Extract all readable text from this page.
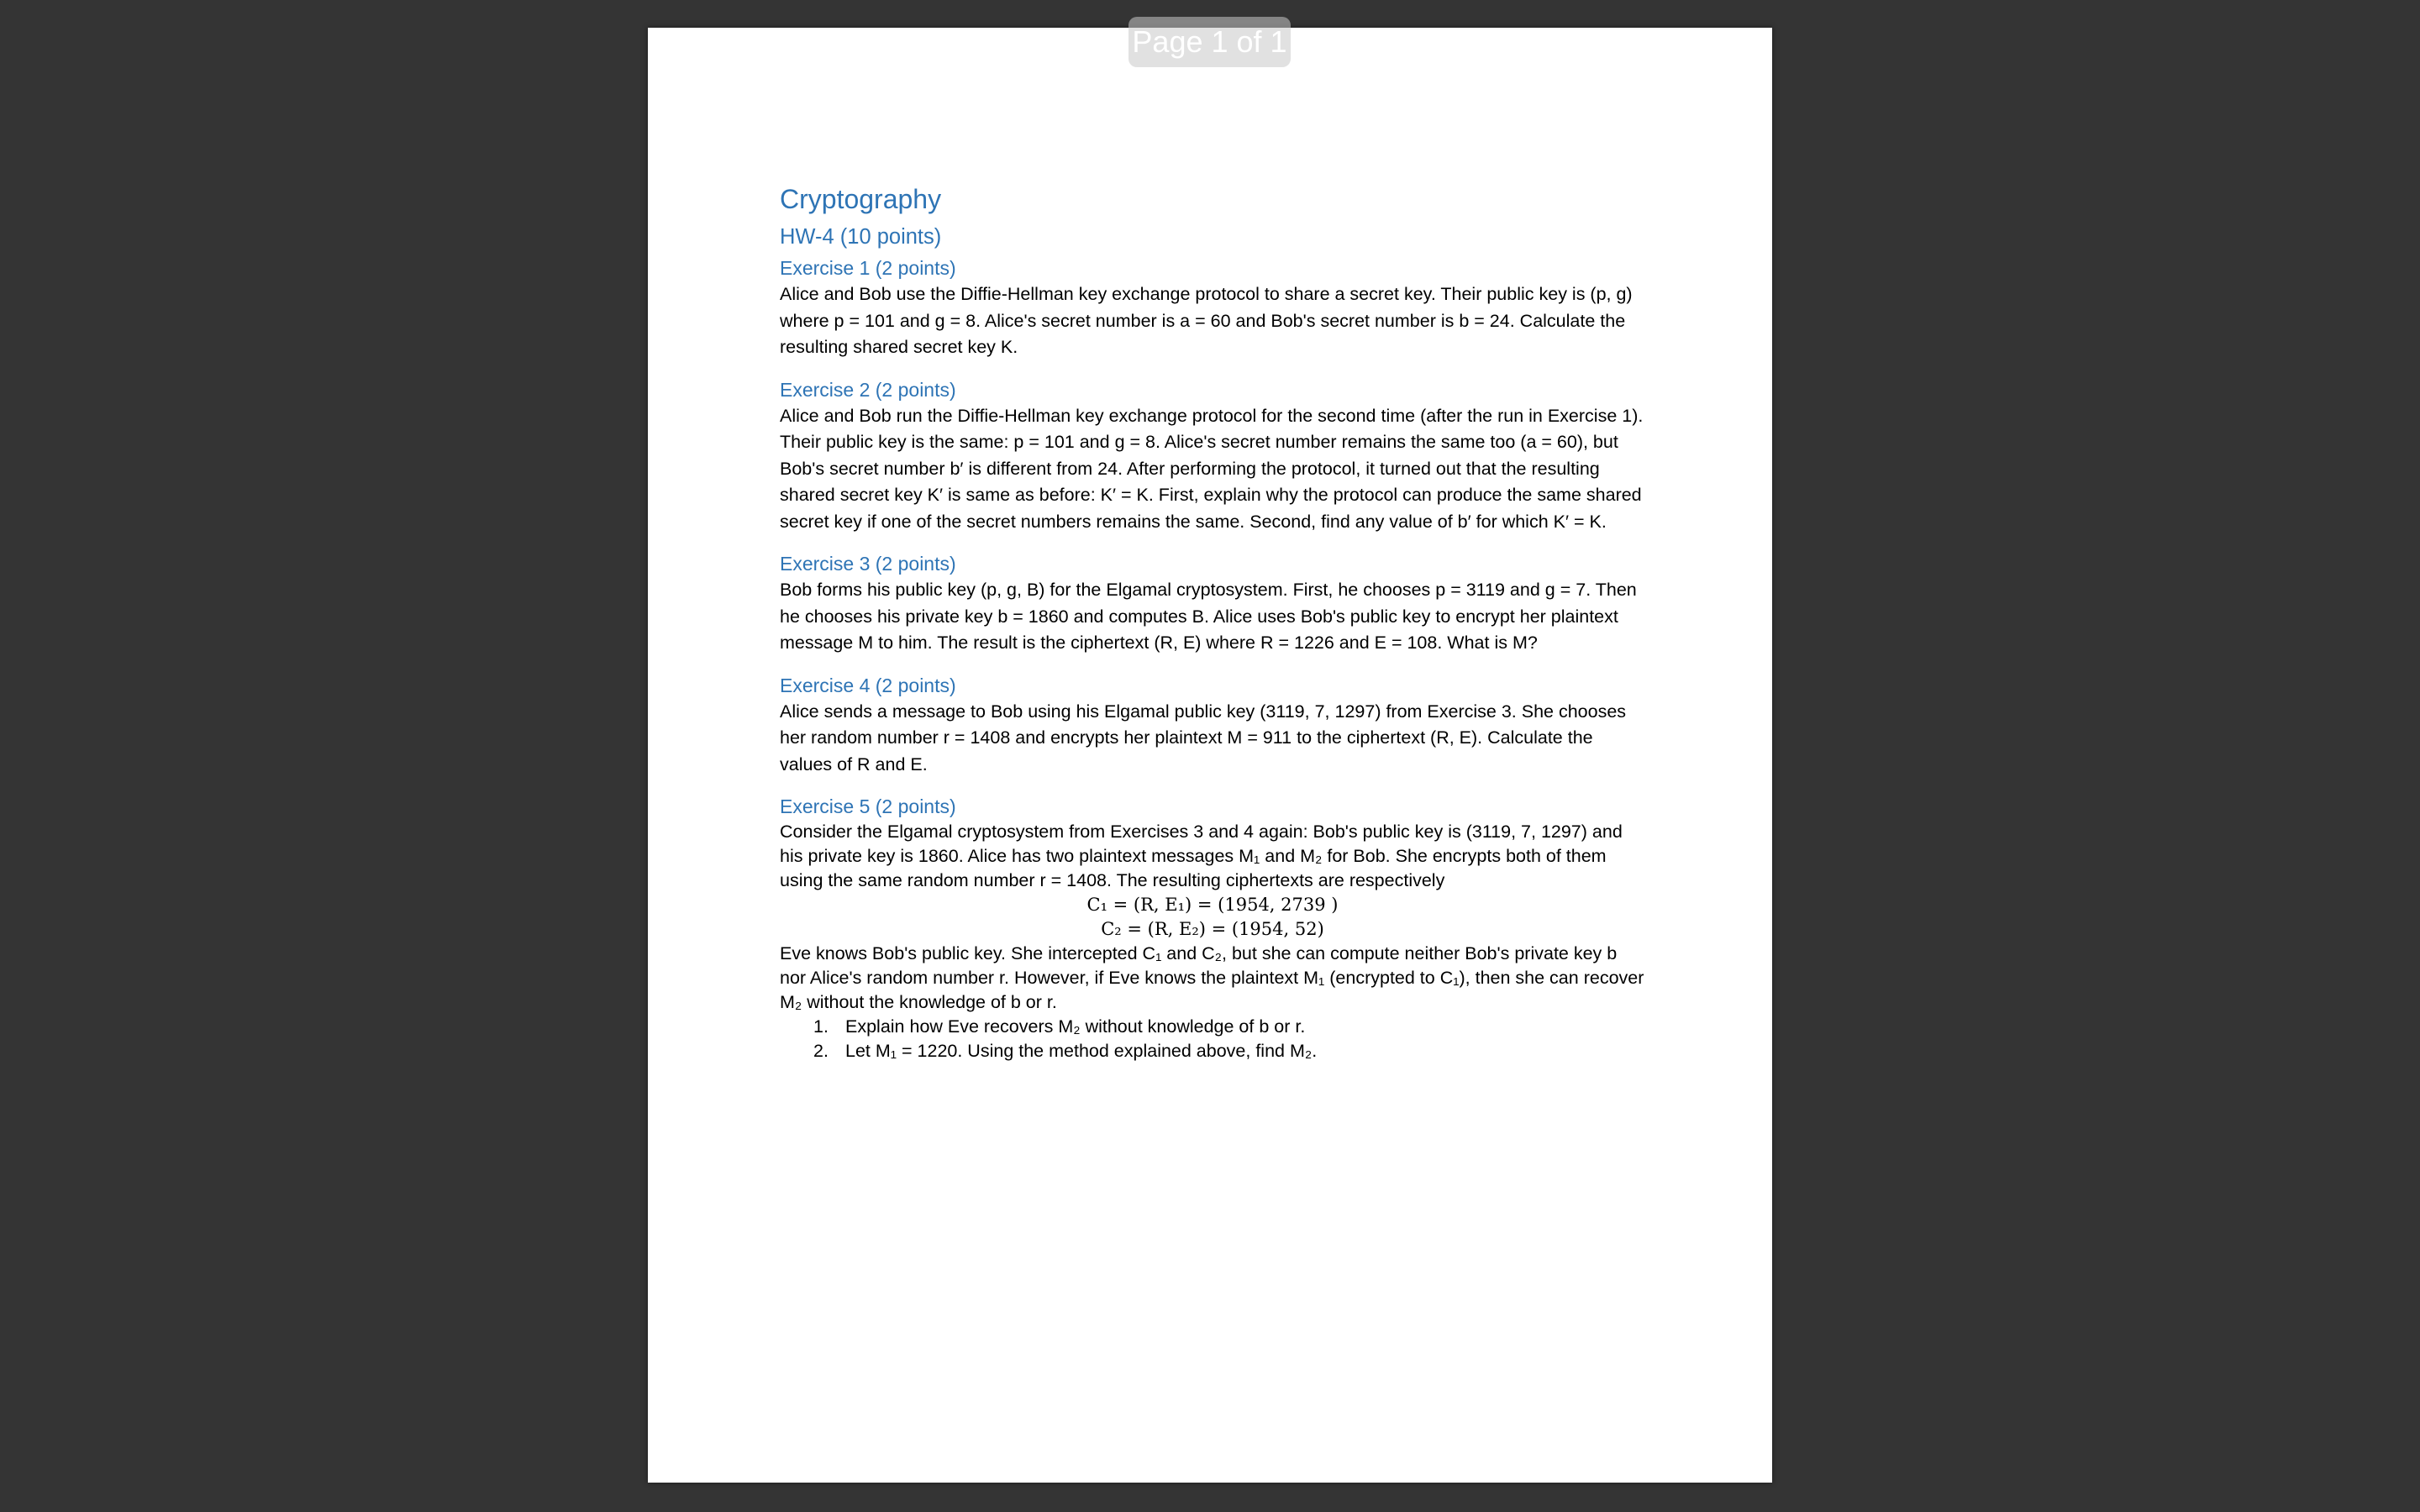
Page 1 of 1
Cryptography
HW-4 (10 points)
Exercise 1 (2 points)

Alice and Bob use the Diffie-Hellman key exchange protocol to share a secret key. Their public key is (p, g) where p = 101 and g = 8. Alice's secret number is a = 60 and Bob's secret number is b = 24. Calculate the resulting shared secret key K.

Exercise 2 (2 points)

Alice and Bob run the Diffie-Hellman key exchange protocol for the second time (after the run in Exercise 1). Their public key is the same: p = 101 and g = 8. Alice's secret number remains the same too (a = 60), but Bob's secret number b′ is different from 24. After performing the protocol, it turned out that the resulting shared secret key K′ is same as before: K′ = K. First, explain why the protocol can produce the same shared secret key if one of the secret numbers remains the same. Second, find any value of b′ for which K′ = K.

Exercise 3 (2 points)

Bob forms his public key (p, g, B) for the Elgamal cryptosystem. First, he chooses p = 3119 and g = 7. Then he chooses his private key b = 1860 and computes B. Alice uses Bob's public key to encrypt her plaintext message M to him. The result is the ciphertext (R, E) where R = 1226 and E = 108. What is M?

Exercise 4 (2 points)

Alice sends a message to Bob using his Elgamal public key (3119, 7, 1297) from Exercise 3. She chooses her random number r = 1408 and encrypts her plaintext M = 911 to the ciphertext (R, E). Calculate the values of R and E.

Exercise 5 (2 points)

Consider the Elgamal cryptosystem from Exercises 3 and 4 again: Bob's public key is (3119, 7, 1297) and his private key is 1860. Alice has two plaintext messages M₁ and M₂ for Bob. She encrypts both of them using the same random number r = 1408. The resulting ciphertexts are respectively

C₁ = (R, E₁) = (1954, 2739 )

C₂ = (R, E₂) = (1954, 52)

Eve knows Bob's public key. She intercepted C₁ and C₂, but she can compute neither Bob's private key b nor Alice's random number r. However, if Eve knows the plaintext M₁ (encrypted to C₁), then she can recover M₂ without the knowledge of b or r.

1. Explain how Eve recovers M₂ without knowledge of b or r.
2. Let M₁ = 1220. Using the method explained above, find M₂.
